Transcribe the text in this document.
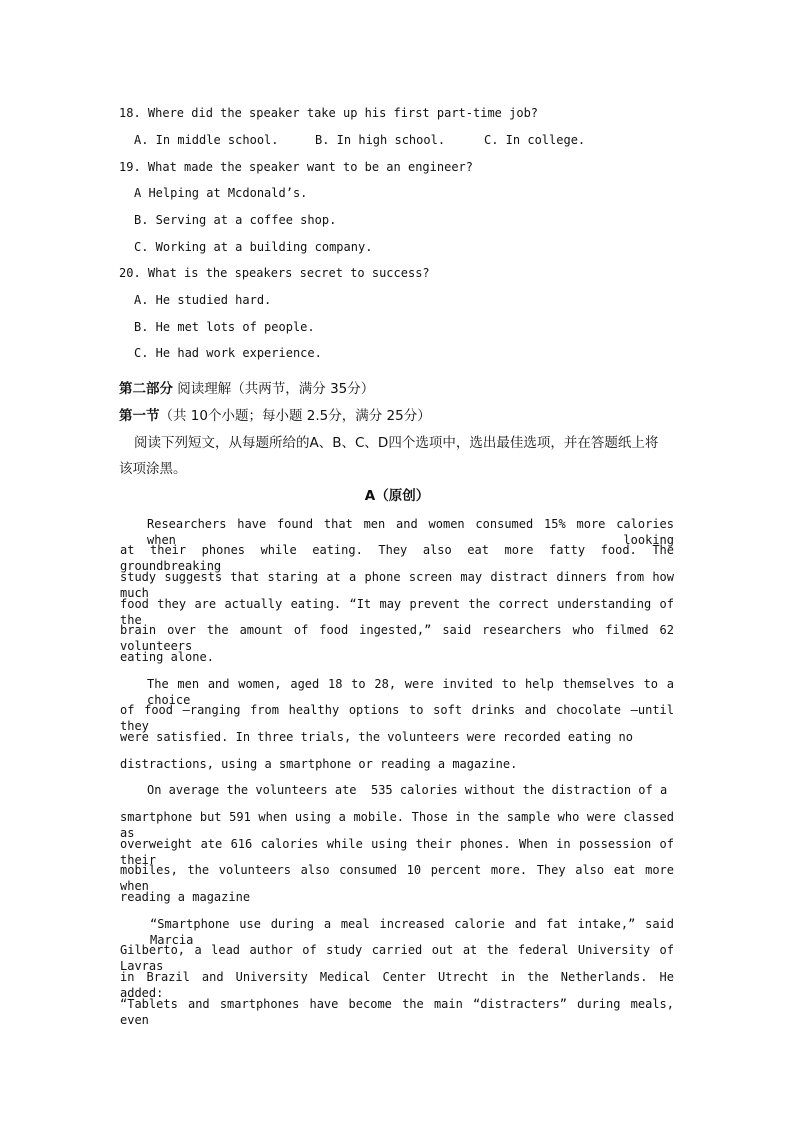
18. Where did the speaker take up his first part-time job?
A. In middle school.	B. In high school.	C. In college.
19. What made the speaker want to be an engineer?
A Helping at Mcdonald’s.
B. Serving at a coffee shop.
C. Working at a building company.
20. What is the speakers secret to success?
A. He studied hard.
B. He met lots of people.
C. He had work experience.
第二部分 阅读理解（共两节，满分 35分）
第一节（共 10个小题；每小题 2.5分，满分 25分）
阅读下列短文，从每题所给的A、B、C、D四个选项中，选出最佳选项，并在答题纸上将
该项涂黑。
A（原创）
Researchers have found that men and women consumed 15% more calories when looking
at their phones while eating. They also eat more fatty food. The groundbreaking
study suggests that staring at a phone screen may distract dinners from how much
food they are actually eating. “It may prevent the correct understanding of the
brain over the amount of food ingested,” said researchers who filmed 62 volunteers
eating alone.
The men and women, aged 18 to 28, were invited to help themselves to a choice
of food –ranging from healthy options to soft drinks and chocolate –until they
were satisfied. In three trials, the volunteers were recorded eating no
distractions, using a smartphone or reading a magazine.
On average the volunteers ate  535 calories without the distraction of a
smartphone but 591 when using a mobile. Those in the sample who were classed as
overweight ate 616 calories while using their phones. When in possession of their
mobiles, the volunteers also consumed 10 percent more. They also eat more when
reading a magazine
“Smartphone use during a meal increased calorie and fat intake,” said Marcia
Gilberto, a lead author of study carried out at the federal University of Lavras
in Brazil and University Medical Center Utrecht in the Netherlands. He added:
“Tablets and smartphones have become the main “distracters” during meals, even
